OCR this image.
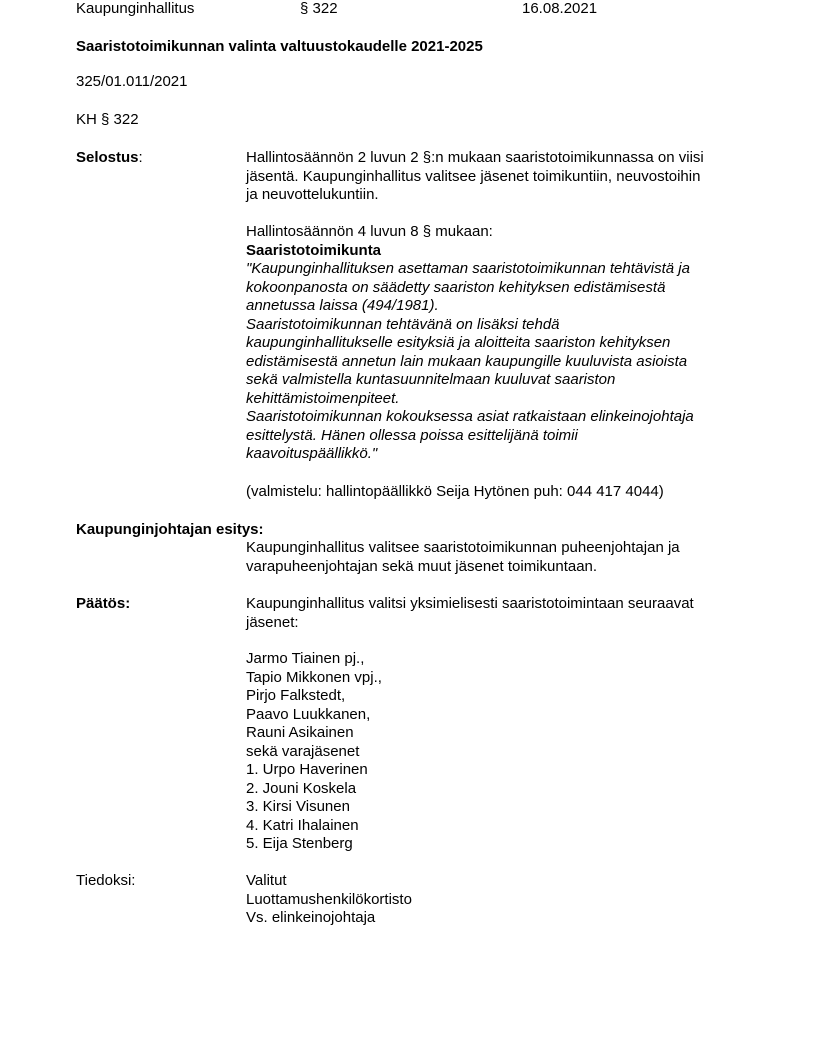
Kaupunginhallitus	§ 322	16.08.2021
Saaristotoimikunnan valinta valtuustokaudelle 2021-2025
325/01.011/2021
KH § 322
Selostus:	Hallintosäännön 2 luvun 2 §:n mukaan saaristotoimikunnassa on viisi
jäsentä. Kaupunginhallitus valitsee jäsenet toimikuntiin, neuvostoihin
ja neuvottelukuntiin.
Hallintosäännön 4 luvun 8 § mukaan:
Saaristotoimikunta
"Kaupunginhallituksen asettaman saaristotoimikunnan tehtävistä ja
kokoonpanosta on säädetty saariston kehityksen edistämisestä
annetussa laissa (494/1981).
Saaristotoimikunnan tehtävänä on lisäksi tehdä
kaupunginhallitukselle esityksiä ja aloitteita saariston kehityksen
edistämisestä annetun lain mukaan kaupungille kuuluvista asioista
sekä valmistella kuntasuunnitelmaan kuuluvat saariston
kehittämistoimenpiteet.
Saaristotoimikunnan kokouksessa asiat ratkaistaan elinkeinojohtaja
esittelystä. Hänen ollessa poissa esittelijänä toimii
kaavoituspäällikkö."
(valmistelu: hallintopäällikkö Seija Hytönen puh: 044 417 4044)
Kaupunginjohtajan esitys:
Kaupunginhallitus valitsee saaristotoimikunnan puheenjohtajan ja
varapuheenjohtajan sekä muut jäsenet toimikuntaan.
Päätös:	Kaupunginhallitus valitsi yksimielisesti saaristotoimintaan seuraavat
jäsenet:
Jarmo Tiainen pj.,
Tapio Mikkonen vpj.,
Pirjo Falkstedt,
Paavo Luukkanen,
Rauni Asikainen
sekä varajäsenet
1. Urpo Haverinen
2. Jouni Koskela
3. Kirsi Visunen
4. Katri Ihalainen
5. Eija Stenberg
Tiedoksi:	Valitut
Luottamushenkilökortisto
Vs. elinkeinojohtaja
